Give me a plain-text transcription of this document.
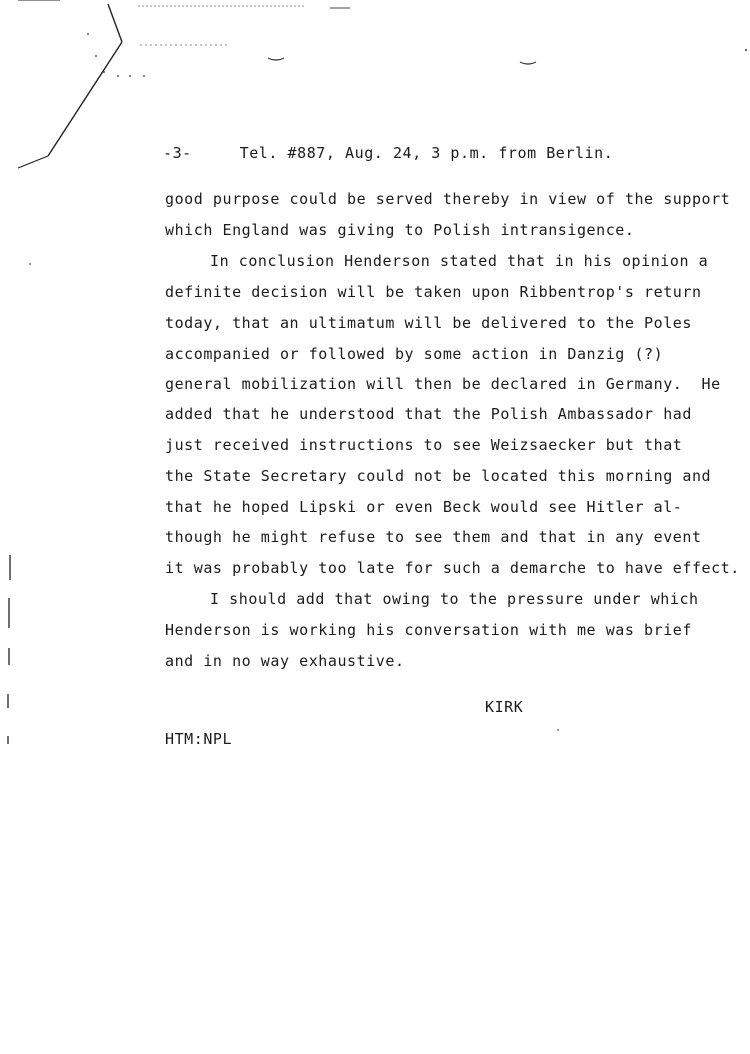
-3-     Tel. #887, Aug. 24, 3 p.m. from Berlin.
good purpose could be served thereby in view of the support
which England was giving to Polish intransigence.
In conclusion Henderson stated that in his opinion a
definite decision will be taken upon Ribbentrop's return
today, that an ultimatum will be delivered to the Poles
accompanied or followed by some action in Danzig (?)
general mobilization will then be declared in Germany.  He
added that he understood that the Polish Ambassador had
just received instructions to see Weizsaecker but that
the State Secretary could not be located this morning and
that he hoped Lipski or even Beck would see Hitler al-
though he might refuse to see them and that in any event
it was probably too late for such a demarche to have effect.
I should add that owing to the pressure under which
Henderson is working his conversation with me was brief
and in no way exhaustive.
KIRK
HTM:NPL
